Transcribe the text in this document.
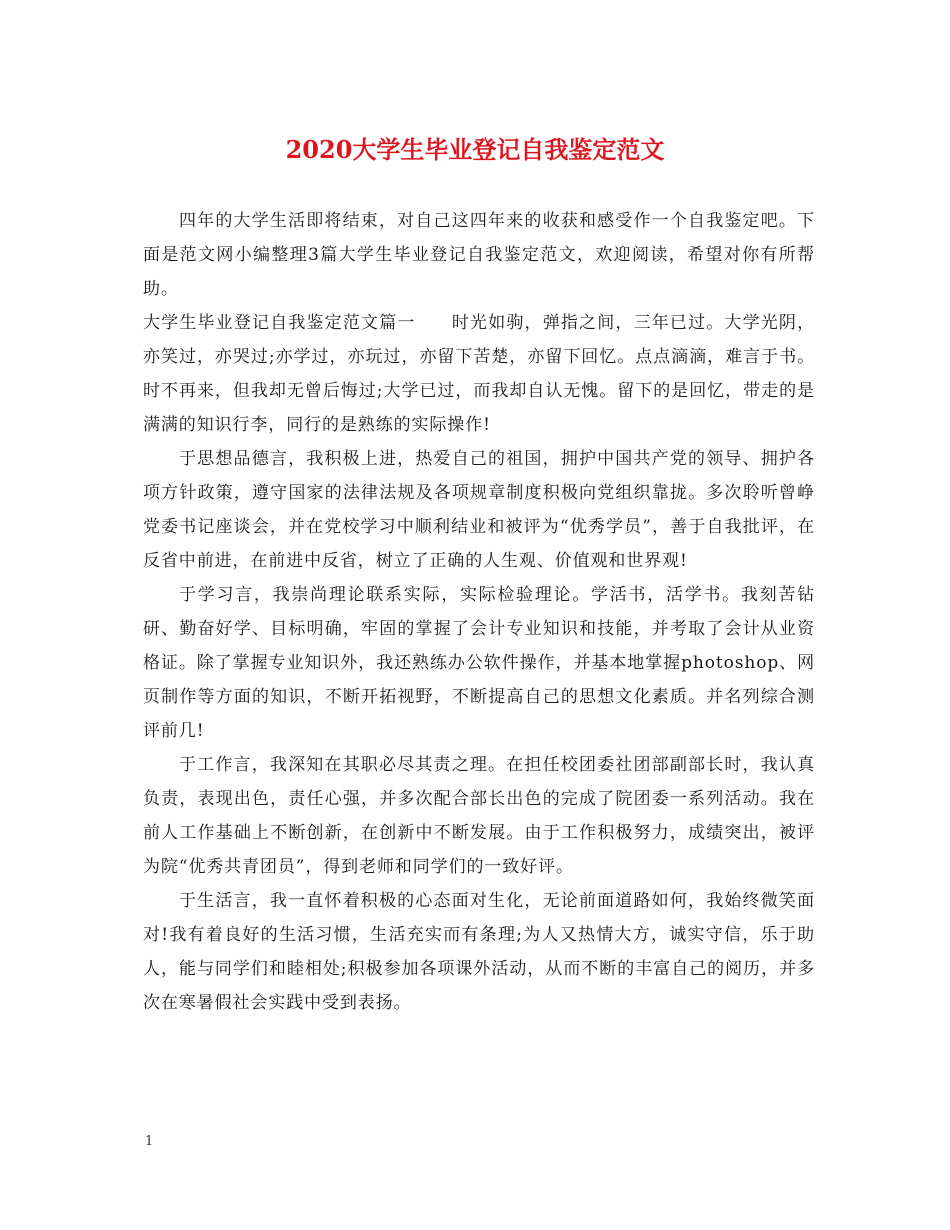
2020大学生毕业登记自我鉴定范文

四年的大学生活即将结束，对自己这四年来的收获和感受作一个自我鉴定吧。下面是范文网小编整理3篇大学生毕业登记自我鉴定范文，欢迎阅读，希望对你有所帮助。

大学生毕业登记自我鉴定范文篇一　　时光如驹，弹指之间，三年已过。大学光阴，亦笑过，亦哭过;亦学过，亦玩过，亦留下苦楚，亦留下回忆。点点滴滴，难言于书。时不再来，但我却无曾后悔过;大学已过，而我却自认无愧。留下的是回忆，带走的是满满的知识行李，同行的是熟练的实际操作!

于思想品德言，我积极上进，热爱自己的祖国，拥护中国共产党的领导、拥护各项方针政策，遵守国家的法律法规及各项规章制度积极向党组织靠拢。多次聆听曾峥党委书记座谈会，并在党校学习中顺利结业和被评为“优秀学员”，善于自我批评，在反省中前进，在前进中反省，树立了正确的人生观、价值观和世界观!

于学习言，我崇尚理论联系实际，实际检验理论。学活书，活学书。我刻苦钻研、勤奋好学、目标明确，牢固的掌握了会计专业知识和技能，并考取了会计从业资格证。除了掌握专业知识外，我还熟练办公软件操作，并基本地掌握photoshop、网页制作等方面的知识，不断开拓视野，不断提高自己的思想文化素质。并名列综合测评前几!

于工作言，我深知在其职必尽其责之理。在担任校团委社团部副部长时，我认真负责，表现出色，责任心强，并多次配合部长出色的完成了院团委一系列活动。我在前人工作基础上不断创新，在创新中不断发展。由于工作积极努力，成绩突出，被评为院“优秀共青团员”，得到老师和同学们的一致好评。

于生活言，我一直怀着积极的心态面对生化，无论前面道路如何，我始终微笑面对!我有着良好的生活习惯，生活充实而有条理;为人又热情大方，诚实守信，乐于助人，能与同学们和睦相处;积极参加各项课外活动，从而不断的丰富自己的阅历，并多次在寒暑假社会实践中受到表扬。

1
